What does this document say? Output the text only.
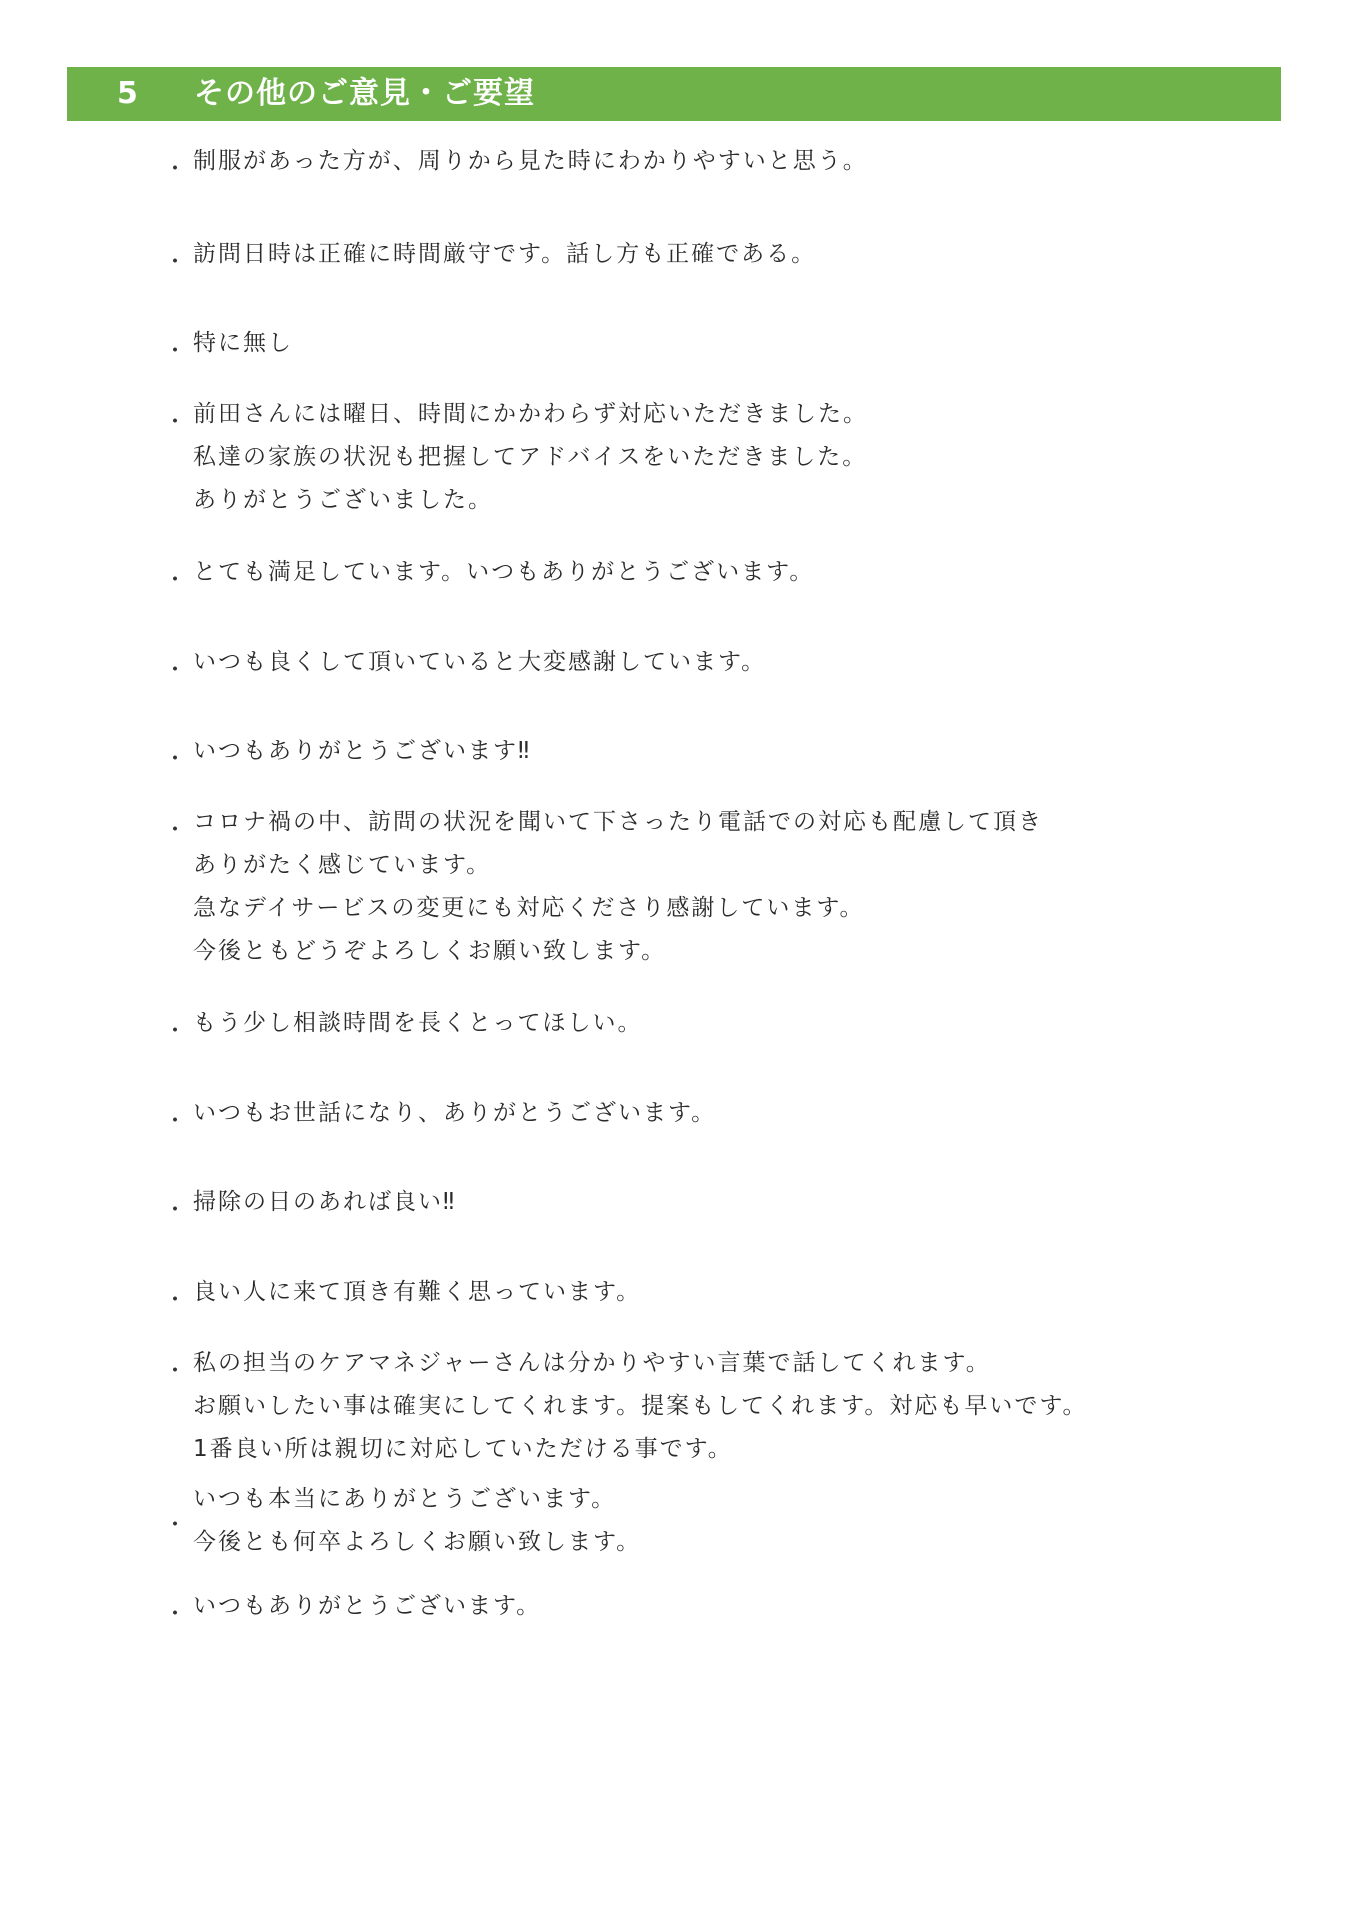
5 その他のご意見・ご要望
・ 制服があった方が、周りから見た時にわかりやすいと思う。
・ 訪問日時は正確に時間厳守です。話し方も正確である。
・ 特に無し
・ 前田さんには曜日、時間にかかわらず対応いただきました。
私達の家族の状況も把握してアドバイスをいただきました。
ありがとうございました。
・ とても満足しています。いつもありがとうございます。
・ いつも良くして頂いていると大変感謝しています。
・ いつもありがとうございます‼
・ コロナ禍の中、訪問の状況を聞いて下さったり電話での対応も配慮して頂き
ありがたく感じています。
急なデイサービスの変更にも対応くださり感謝しています。
今後ともどうぞよろしくお願い致します。
・ もう少し相談時間を長くとってほしい。
・ いつもお世話になり、ありがとうございます。
・ 掃除の日のあれば良い‼
・ 良い人に来て頂き有難く思っています。
・ 私の担当のケアマネジャーさんは分かりやすい言葉で話してくれます。
お願いしたい事は確実にしてくれます。提案もしてくれます。対応も早いです。
1番良い所は親切に対応していただける事です。
・
いつも本当にありがとうございます。
今後とも何卒よろしくお願い致します。
・ いつもありがとうございます。
